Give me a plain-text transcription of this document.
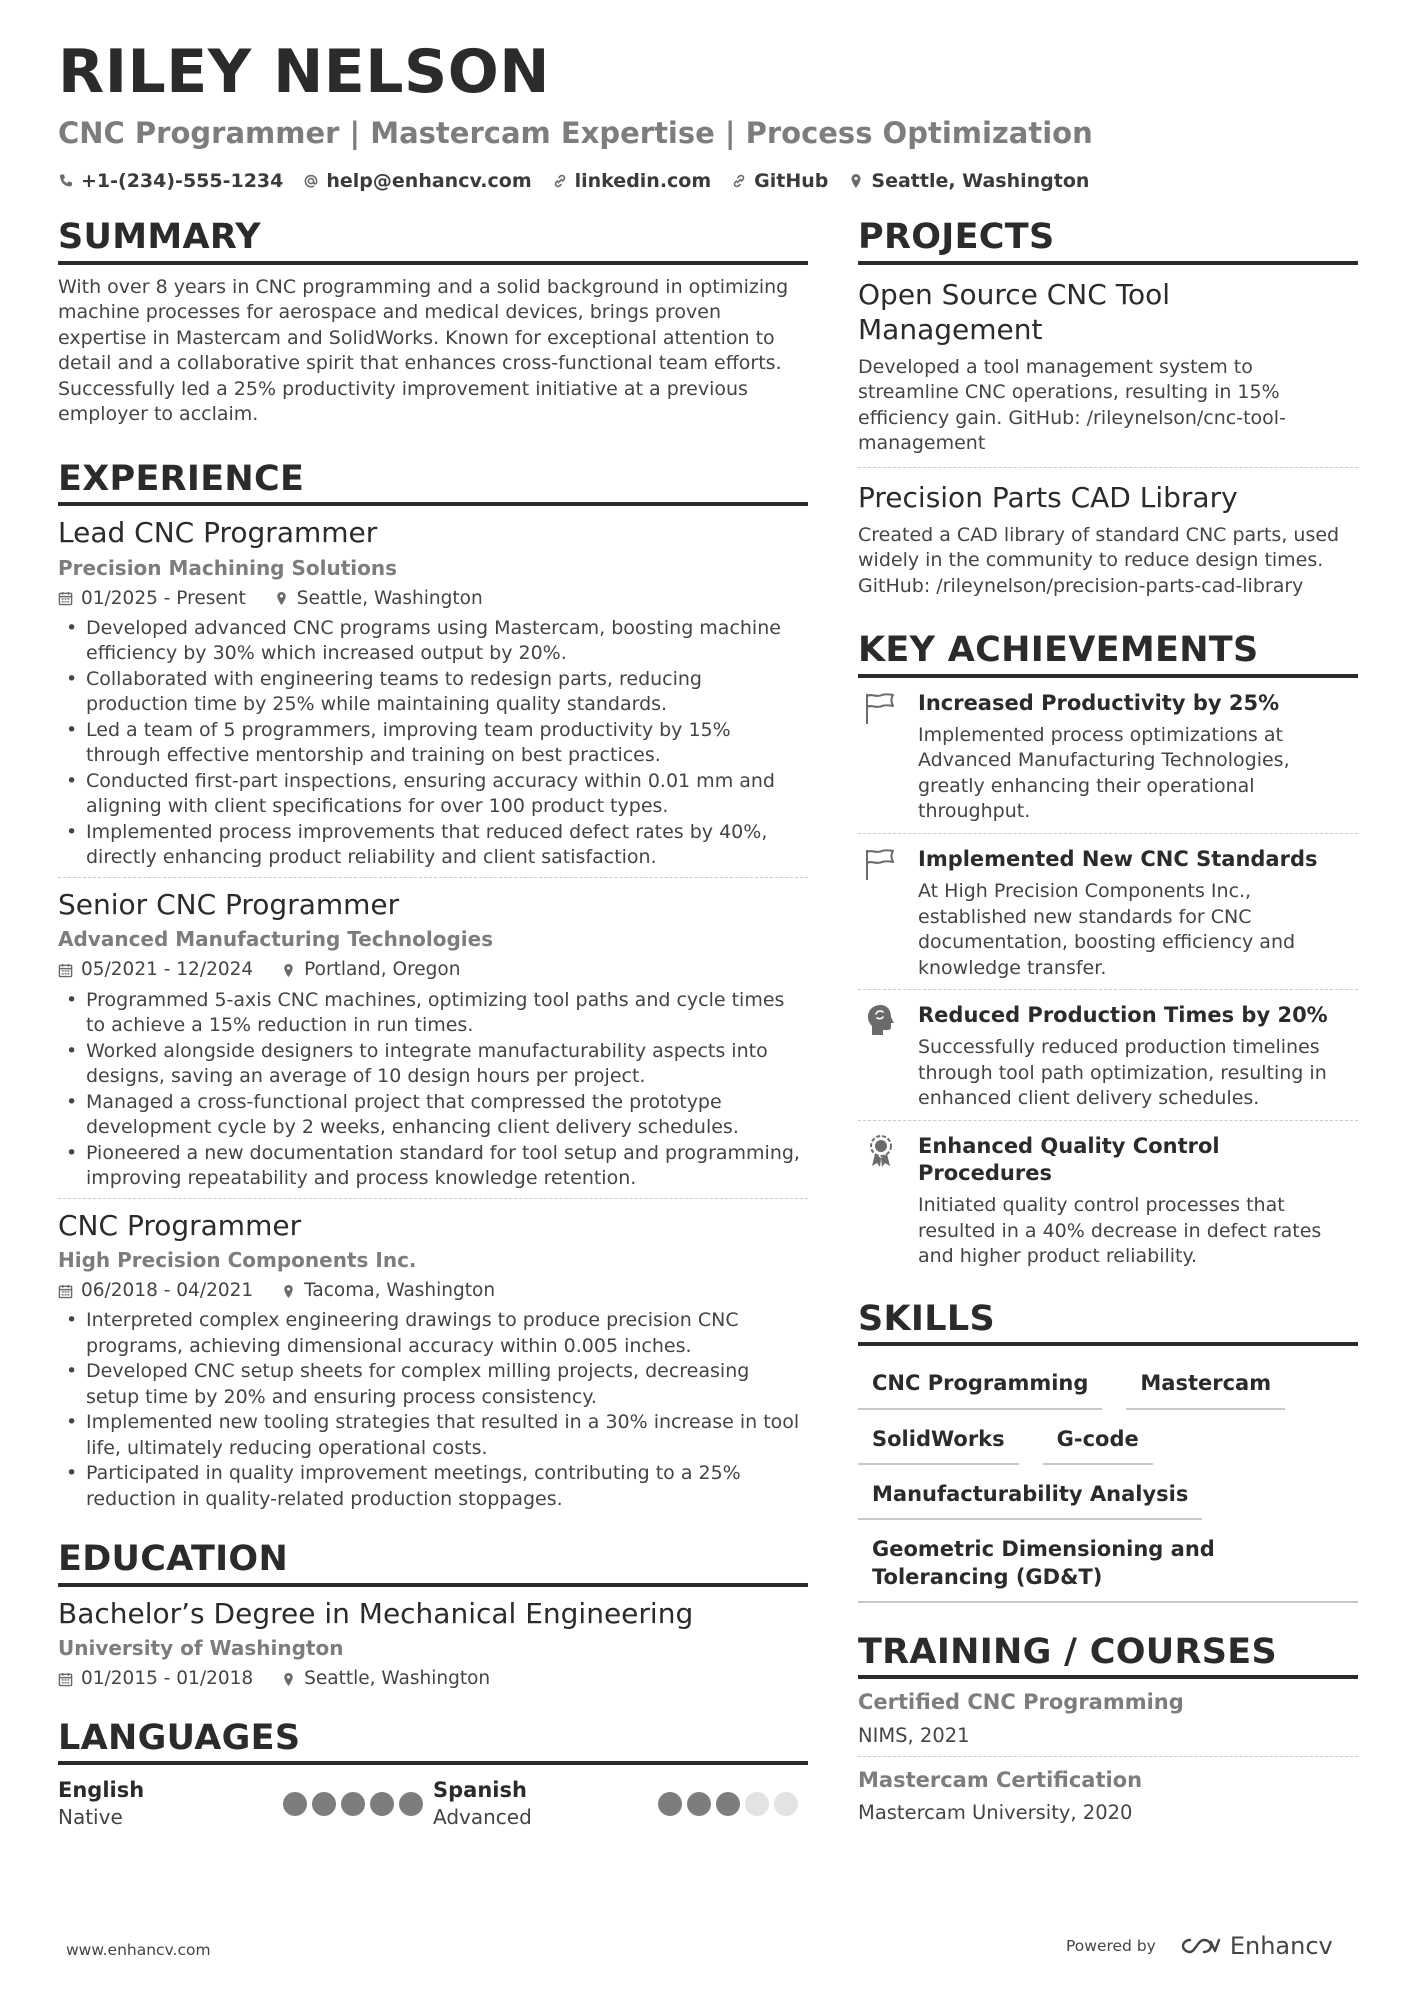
RILEY NELSON
CNC Programmer | Mastercam Expertise | Process Optimization
+1-(234)-555-1234 help@enhancv.com linkedin.com GitHub Seattle, Washington
SUMMARY
With over 8 years in CNC programming and a solid background in optimizing machine processes for aerospace and medical devices, brings proven expertise in Mastercam and SolidWorks. Known for exceptional attention to detail and a collaborative spirit that enhances cross-functional team efforts. Successfully led a 25% productivity improvement initiative at a previous employer to acclaim.
EXPERIENCE
Lead CNC Programmer
Precision Machining Solutions
01/2025 - Present	Seattle, Washington
• Developed advanced CNC programs using Mastercam, boosting machine efficiency by 30% which increased output by 20%.
• Collaborated with engineering teams to redesign parts, reducing production time by 25% while maintaining quality standards.
• Led a team of 5 programmers, improving team productivity by 15% through effective mentorship and training on best practices.
• Conducted first-part inspections, ensuring accuracy within 0.01 mm and aligning with client specifications for over 100 product types.
• Implemented process improvements that reduced defect rates by 40%, directly enhancing product reliability and client satisfaction.
Senior CNC Programmer
Advanced Manufacturing Technologies
05/2021 - 12/2024	Portland, Oregon
• Programmed 5-axis CNC machines, optimizing tool paths and cycle times to achieve a 15% reduction in run times.
• Worked alongside designers to integrate manufacturability aspects into designs, saving an average of 10 design hours per project.
• Managed a cross-functional project that compressed the prototype development cycle by 2 weeks, enhancing client delivery schedules.
• Pioneered a new documentation standard for tool setup and programming, improving repeatability and process knowledge retention.
CNC Programmer
High Precision Components Inc.
06/2018 - 04/2021	Tacoma, Washington
• Interpreted complex engineering drawings to produce precision CNC programs, achieving dimensional accuracy within 0.005 inches.
• Developed CNC setup sheets for complex milling projects, decreasing setup time by 20% and ensuring process consistency.
• Implemented new tooling strategies that resulted in a 30% increase in tool life, ultimately reducing operational costs.
• Participated in quality improvement meetings, contributing to a 25% reduction in quality-related production stoppages.
EDUCATION
Bachelor’s Degree in Mechanical Engineering
University of Washington
01/2015 - 01/2018	Seattle, Washington
LANGUAGES
English
Native
Spanish
Advanced
PROJECTS
Open Source CNC Tool Management
Developed a tool management system to streamline CNC operations, resulting in 15% efficiency gain. GitHub: /rileynelson/cnc-tool-management
Precision Parts CAD Library
Created a CAD library of standard CNC parts, used widely in the community to reduce design times. GitHub: /rileynelson/precision-parts-cad-library
KEY ACHIEVEMENTS
Increased Productivity by 25%
Implemented process optimizations at Advanced Manufacturing Technologies, greatly enhancing their operational throughput.
Implemented New CNC Standards
At High Precision Components Inc., established new standards for CNC documentation, boosting efficiency and knowledge transfer.
Reduced Production Times by 20%
Successfully reduced production timelines through tool path optimization, resulting in enhanced client delivery schedules.
Enhanced Quality Control Procedures
Initiated quality control processes that resulted in a 40% decrease in defect rates and higher product reliability.
SKILLS
CNC Programming	Mastercam
SolidWorks	G-code
Manufacturability Analysis
Geometric Dimensioning and Tolerancing (GD&T)
TRAINING / COURSES
Certified CNC Programming
NIMS, 2021
Mastercam Certification
Mastercam University, 2020
www.enhancv.com	Powered by	Enhancv
